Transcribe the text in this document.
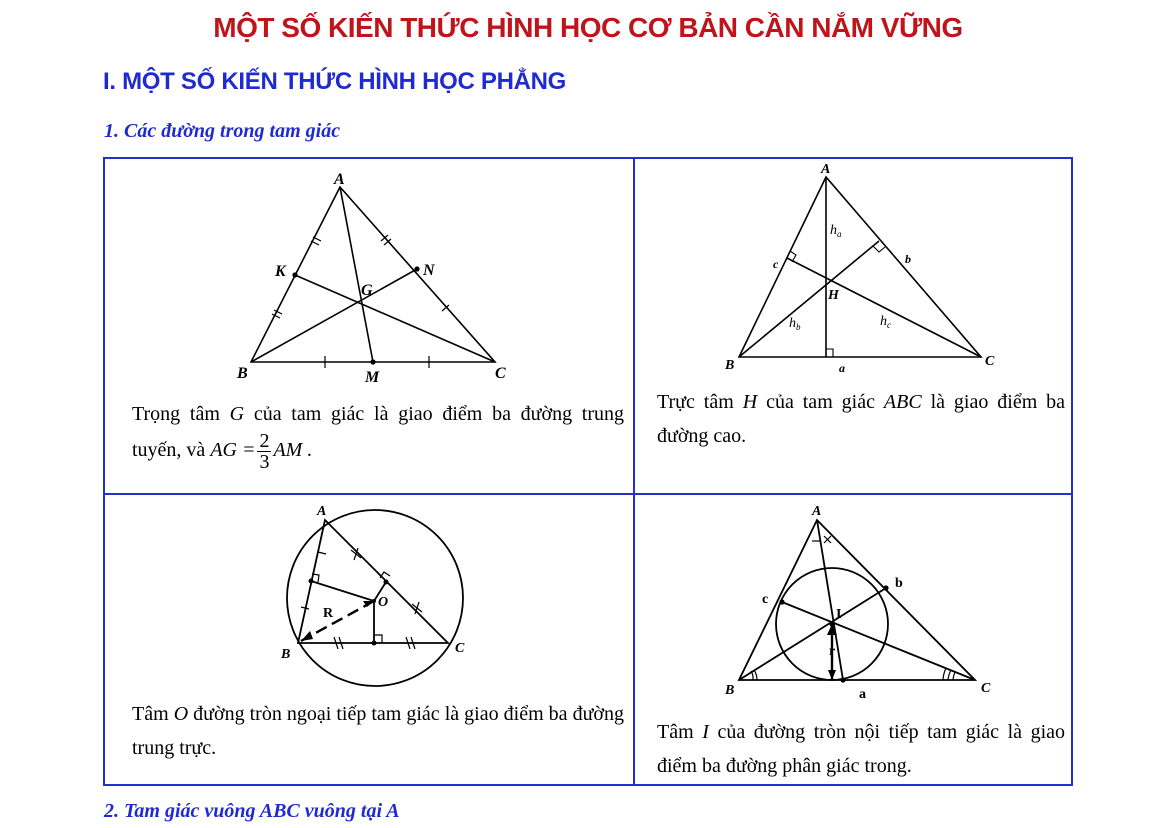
MỘT SỐ KIẾN THỨC HÌNH HỌC CƠ BẢN CẦN NẮM VỮNG
I. MỘT SỐ KIẾN THỨC HÌNH HỌC PHẲNG
1. Các đường trong tam giác
A
B	C
K	N
G
M
Trọng tâm G của tam giác là giao điểm ba đường trung tuyến, và AG = $\frac{2}{3}$ AM .
A
B	C
H
a
b
c
$h_a$
$h_b$	$h_c$
Trực tâm H của tam giác ABC là giao điểm ba đường cao.
A
B	C
O
R
Tâm O đường tròn ngoại tiếp tam giác là giao điểm ba đường trung trực.
A
B	C
I
r
a
b
c
Tâm I của đường tròn nội tiếp tam giác là giao điểm ba đường phân giác trong.
2. Tam giác vuông ABC vuông tại A
